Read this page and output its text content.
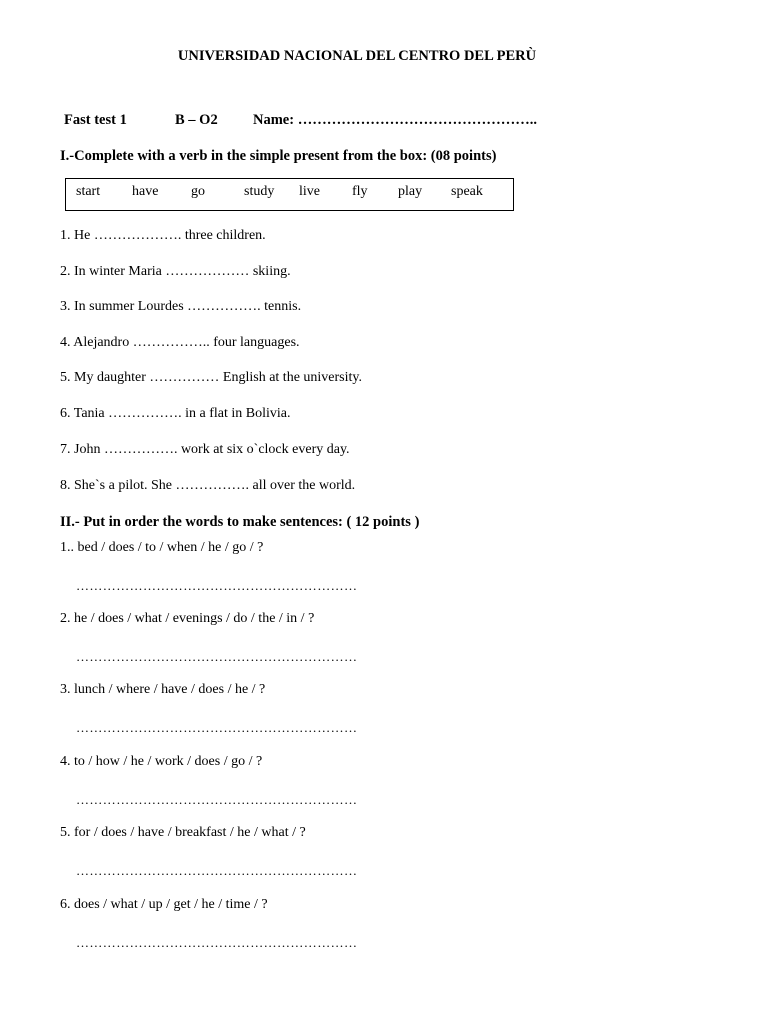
UNIVERSIDAD NACIONAL DEL CENTRO DEL PERÙ
Fast test 1	B – O2 Name: …………………………………………..
I.-Complete with a verb in the simple present from the box: (08 points)
start have go	study live fly play speak
1. He ………………. three children.
2. In winter Maria ……………… skiing.
3. In summer Lourdes ……………. tennis.
4. Alejandro …………….. four languages.
5. My daughter …………… English at the university.
6. Tania ……………. in a flat in Bolivia.
7. John ……………. work at six o`clock every day.
8. She`s a pilot. She ……………. all over the world.
II.- Put in order the words to make sentences: ( 12 points )
1.. bed / does / to / when / he / go / ?
………………………………………………………
2. he / does / what / evenings / do / the / in / ?
………………………………………………………
3. lunch / where / have / does / he / ?
………………………………………………………
4. to / how / he / work / does / go / ?
………………………………………………………
5. for / does / have / breakfast / he / what / ?
………………………………………………………
6. does / what / up / get / he / time / ?
………………………………………………………
